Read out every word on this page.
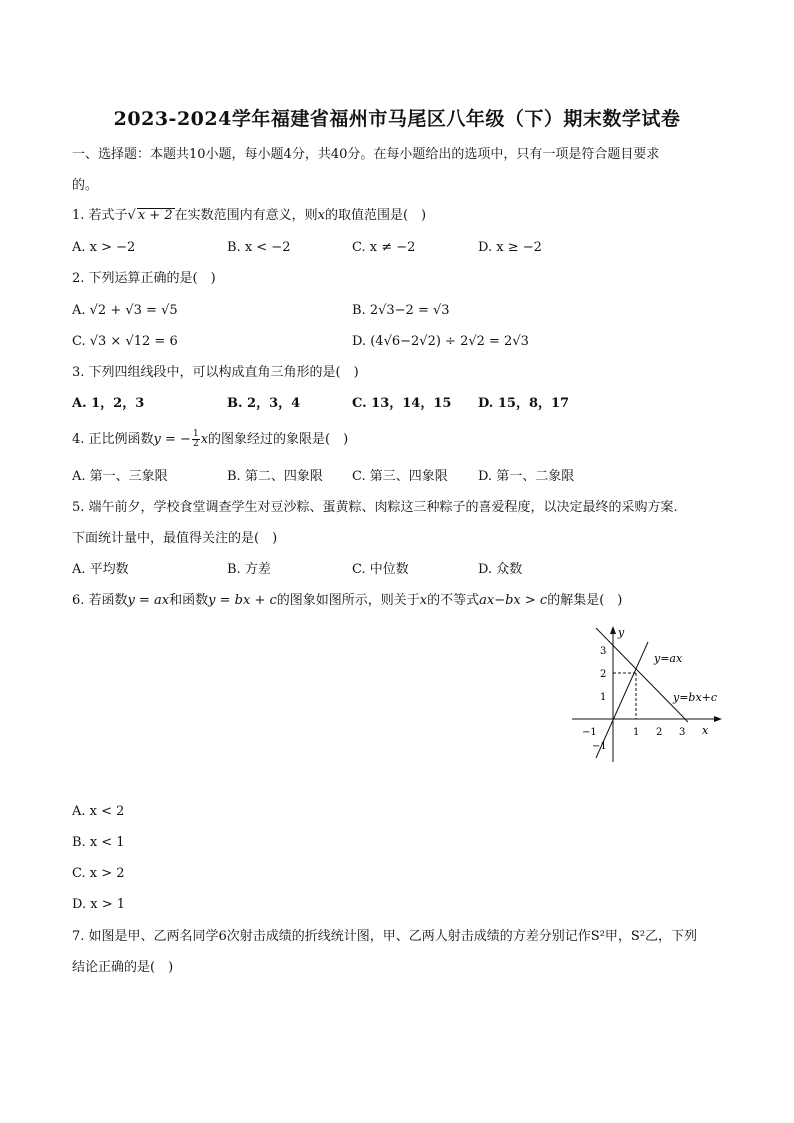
2023-2024学年福建省福州市马尾区八年级（下）期末数学试卷
一、选择题：本题共10小题，每小题4分，共40分。在每小题给出的选项中，只有一项是符合题目要求
的。
1. 若式子√ x + 2 在实数范围内有意义，则x的取值范围是(　)
A. x > −2	B. x < −2	C. x ≠ −2	D. x ≥ −2
2. 下列运算正确的是(　)
A. √2 + √3 = √5	B. 2√3−2 = √3
C. √3 × √12 = 6	D. (4√6−2√2) ÷ 2√2 = 2√3
3. 下列四组线段中，可以构成直角三角形的是(　)
A. 1，2，3	B. 2，3，4	C. 13，14，15 D. 15，8，17
4. 正比例函数y = − $\frac{1}{2}$ x的图象经过的象限是(　)
A. 第一、三象限	B. 第二、四象限 C. 第三、四象限 D. 第一、二象限
5. 端午前夕，学校食堂调查学生对豆沙粽、蛋黄粽、肉粽这三种粽子的喜爱程度，以决定最终的采购方案.
下面统计量中，最值得关注的是(　)
A. 平均数	B. 方差	C. 中位数	D. 众数
6. 若函数y = ax和函数y = bx + c的图象如图所示，则关于x的不等式ax−bx > c的解集是(　)
y
x
y=ax
y=bx+c
−1	1 2 3
3
2
1
−1
A. x < 2
B. x < 1
C. x > 2
D. x > 1
7. 如图是甲、乙两名同学6次射击成绩的折线统计图，甲、乙两人射击成绩的方差分别记作S²甲，S²乙，下列
结论正确的是(　)
